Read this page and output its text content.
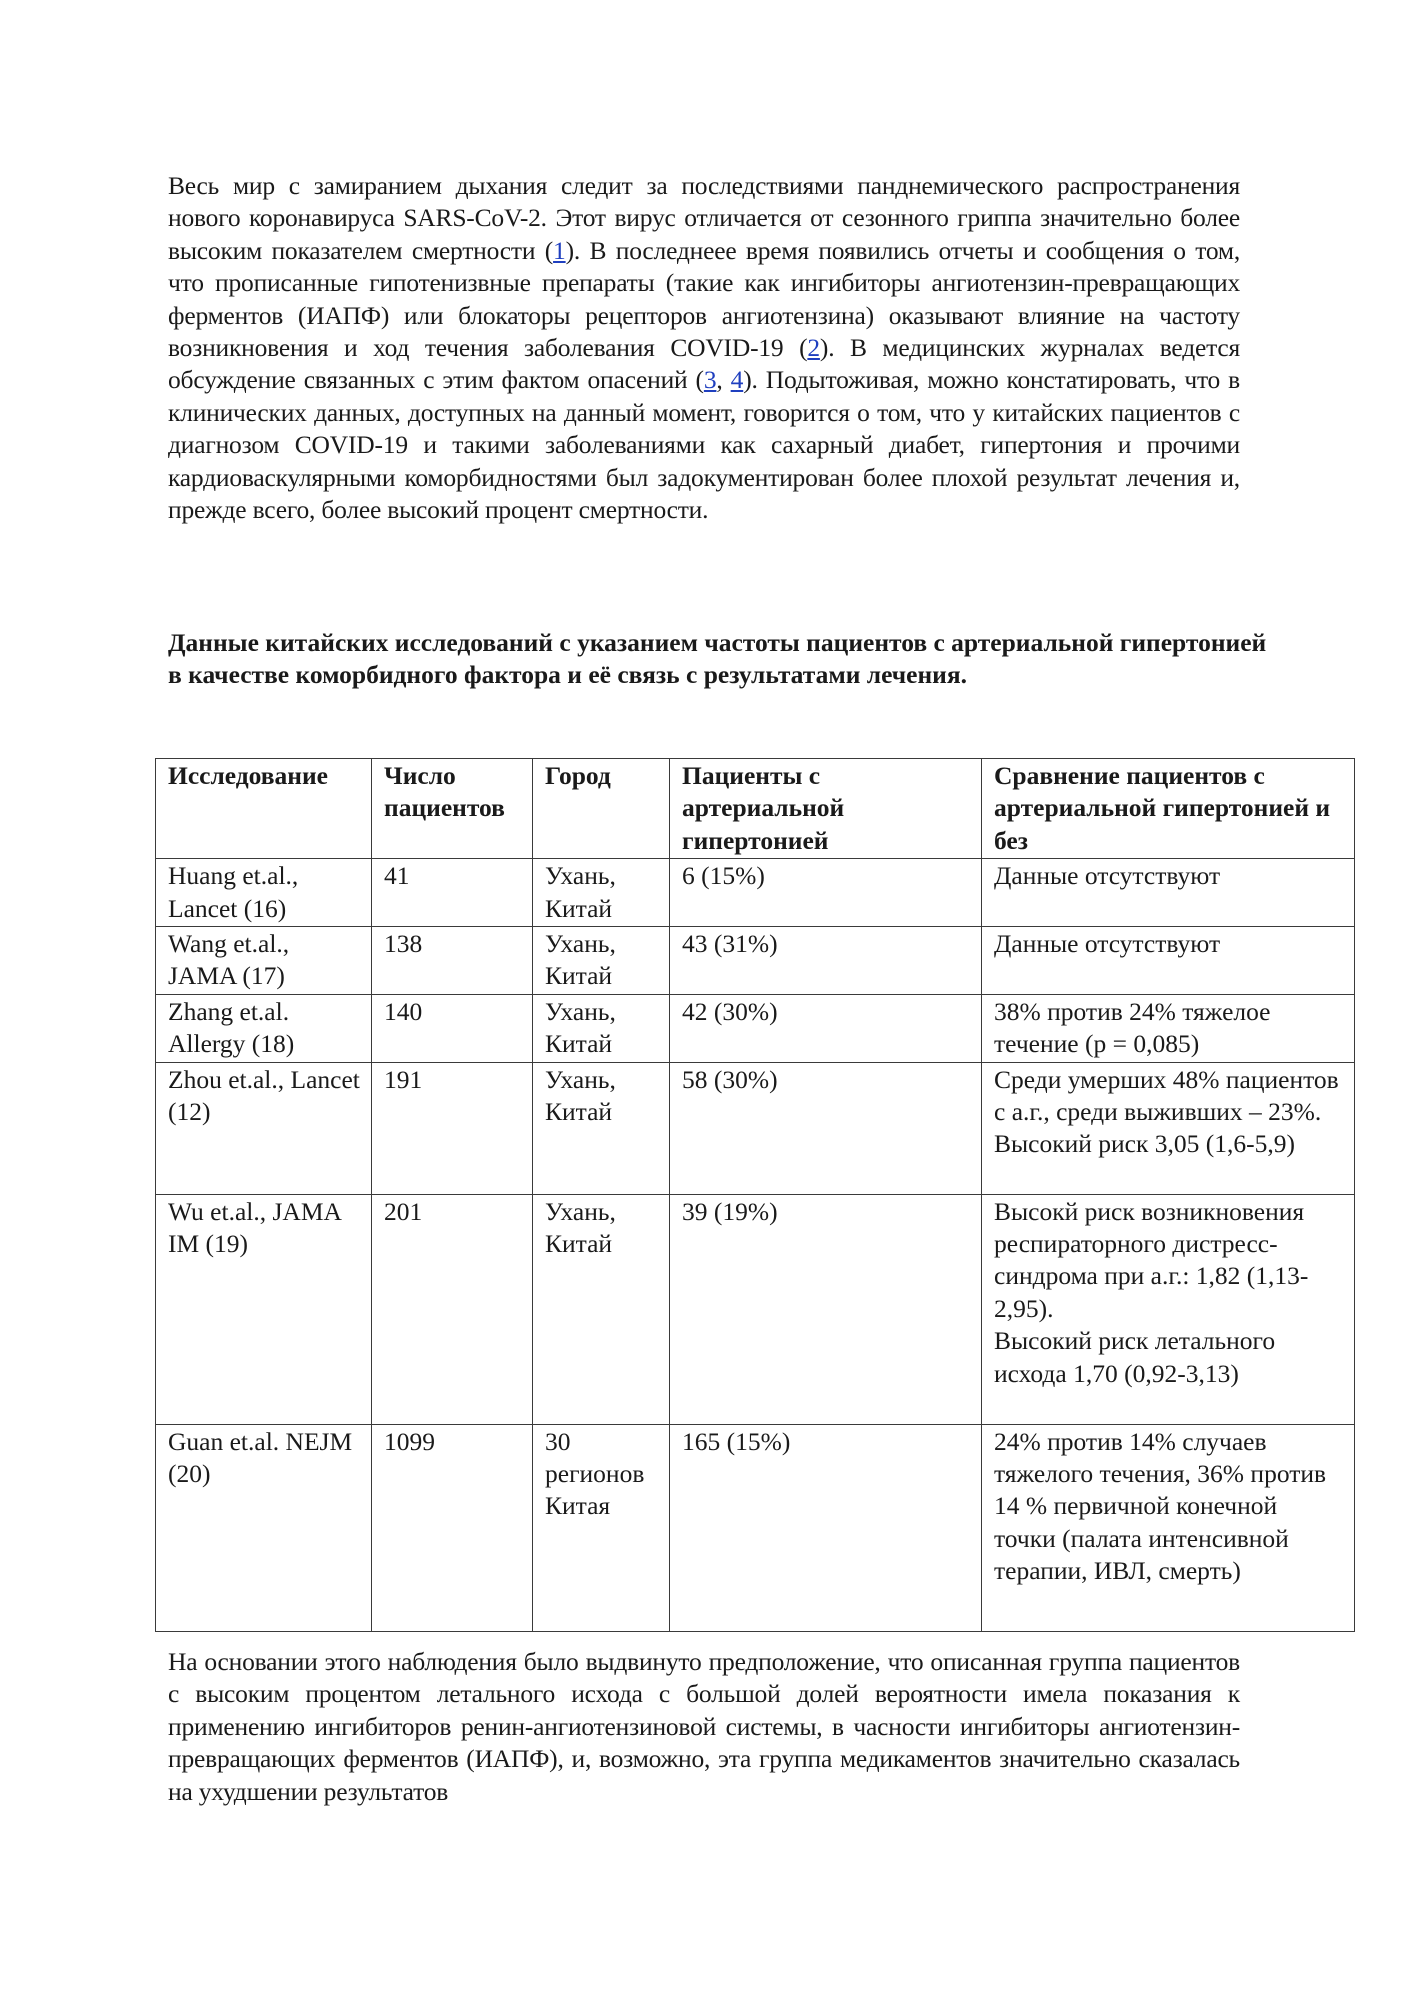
Весь мир с замиранием дыхания следит за последствиями панднемического распространения нового коронавируса SARS-CoV-2. Этот вирус отличается от сезонного гриппа значительно более высоким показателем смертности (1). В последнеее время появились отчеты и сообщения о том, что прописанные гипотенизвные препараты (такие как ингибиторы ангиотензин-превращающих ферментов (ИАПФ) или блокаторы рецепторов ангиотензина) оказывают влияние на частоту возникновения и ход течения заболевания COVID-19 (2). В медицинских журналах ведется обсуждение связанных с этим фактом опасений (3, 4). Подытоживая, можно констатировать, что в клинических данных, доступных на данный момент, говорится о том, что у китайских пациентов с диагнозом COVID-19 и такими заболеваниями как сахарный диабет, гипертония и прочими кардиоваскулярными коморбидностями был задокументирован более плохой результат лечения и, прежде всего, более высокий процент смертности.
Данные китайских исследований с указанием частоты пациентов с артериальной гипертонией в качестве коморбидного фактора и её связь с результатами лечения.
Исследование	Число пациентов	Город	Пациенты с артериальной гипертонией	Сравнение пациентов с артериальной гипертонией и без
Huang et.al., Lancet (16)	41	Ухань, Китай	6 (15%)	Данные отсутствуют
Wang et.al., JAMA (17)	138	Ухань, Китай	43 (31%)	Данные отсутствуют
Zhang et.al. Allergy (18)	140	Ухань, Китай	42 (30%)	38% против 24% тяжелое течение (p = 0,085)
Zhou et.al., Lancet (12)	191	Ухань, Китай	58 (30%)	Среди умерших 48% пациентов с а.г., среди выживших – 23%. Высокий риск 3,05 (1,6-5,9)
Wu et.al., JAMA IM (19)	201	Ухань, Китай	39 (19%)	Высокй риск возникновения респираторного дистресс-синдрома при а.г.: 1,82 (1,13-2,95).
Высокий риск летального исхода 1,70 (0,92-3,13)

Guan et.al. NEJM (20)	1099	30 регионов Китая	165 (15%)	24% против 14% случаев тяжелого течения, 36% против 14 % первичной конечной точки (палата интенсивной терапии, ИВЛ, смерть)
На основании этого наблюдения было выдвинуто предположение, что описанная группа пациентов с высоким процентом летального исхода с большой долей вероятности имела показания к применению ингибиторов ренин-ангиотензиновой системы, в часности ингибиторы ангиотензин-превращающих ферментов (ИАПФ), и, возможно, эта группа медикаментов значительно сказалась на ухудшении результатов
